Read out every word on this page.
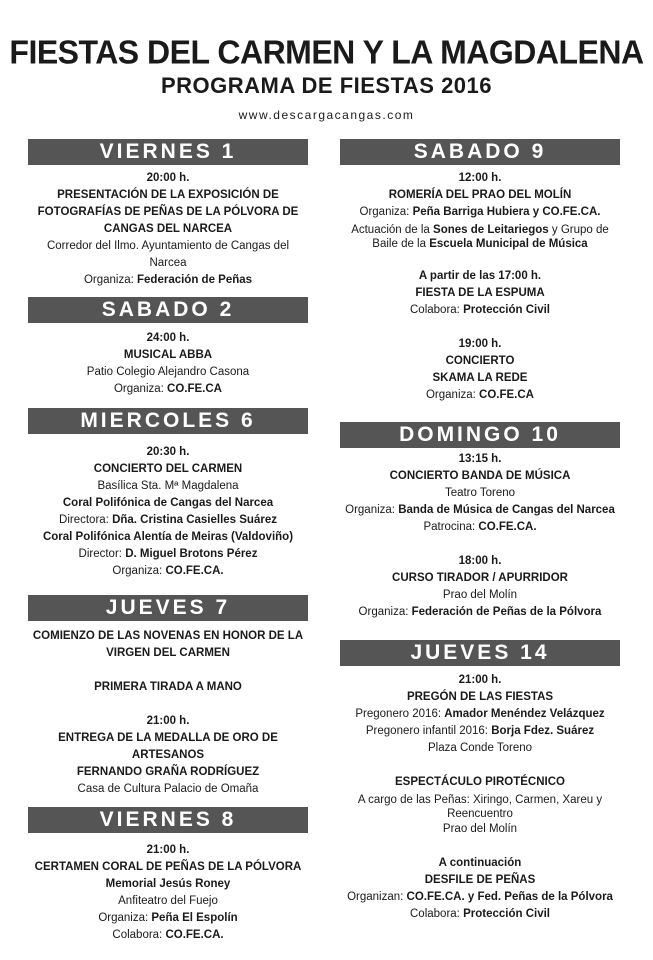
FIESTAS DEL CARMEN Y LA MAGDALENA
PROGRAMA DE FIESTAS 2016
www.descargacangas.com
VIERNES 1
20:00 h.
PRESENTACIÓN DE LA EXPOSICIÓN DE
FOTOGRAFÍAS DE PEÑAS DE LA PÓLVORA DE
CANGAS DEL NARCEA
Corredor del Ilmo. Ayuntamiento de Cangas del
Narcea
Organiza: Federación de Peñas
SABADO 2
24:00 h.
MUSICAL ABBA
Patio Colegio Alejandro Casona
Organiza: CO.FE.CA
MIERCOLES 6
20:30 h.
CONCIERTO DEL CARMEN
Basílica Sta. Mª Magdalena
Coral Polifónica de Cangas del Narcea
Directora: Dña. Cristina Casielles Suárez
Coral Polifónica Alentía de Meiras (Valdoviño)
Director: D. Miguel Brotons Pérez
Organiza: CO.FE.CA.
JUEVES 7
COMIENZO DE LAS NOVENAS EN HONOR DE LA
VIRGEN DEL CARMEN

PRIMERA TIRADA A MANO

21:00 h.
ENTREGA DE LA MEDALLA DE ORO DE
ARTESANOS
FERNANDO GRAÑA RODRÍGUEZ
Casa de Cultura Palacio de Omaña
VIERNES 8
21:00 h.
CERTAMEN CORAL DE PEÑAS DE LA PÓLVORA
Memorial Jesús Roney
Anfiteatro del Fuejo
Organiza: Peña El Espolín
Colabora: CO.FE.CA.
SABADO 9
12:00 h.
ROMERÍA DEL PRAO DEL MOLÍN
Organiza: Peña Barriga Hubiera y CO.FE.CA.
Actuación de la Sones de Leitariegos y Grupo de
Baile de la Escuela Municipal de Música

A partir de las 17:00 h.
FIESTA DE LA ESPUMA
Colabora: Protección Civil

19:00 h.
CONCIERTO
SKAMA LA REDE
Organiza: CO.FE.CA
DOMINGO 10
13:15 h.
CONCIERTO BANDA DE MÚSICA
Teatro Toreno
Organiza: Banda de Música de Cangas del Narcea
Patrocina: CO.FE.CA.

18:00 h.
CURSO TIRADOR / APURRIDOR
Prao del Molín
Organiza: Federación de Peñas de la Pólvora
JUEVES 14
21:00 h.
PREGÓN DE LAS FIESTAS
Pregonero 2016: Amador Menéndez Velázquez
Pregonero infantil 2016: Borja Fdez. Suárez
Plaza Conde Toreno

ESPECTÁCULO PIROTÉCNICO
A cargo de las Peñas: Xiringo, Carmen, Xareu y
Reencuentro
Prao del Molín

A continuación
DESFILE DE PEÑAS
Organizan: CO.FE.CA. y Fed. Peñas de la Pólvora
Colabora: Protección Civil
